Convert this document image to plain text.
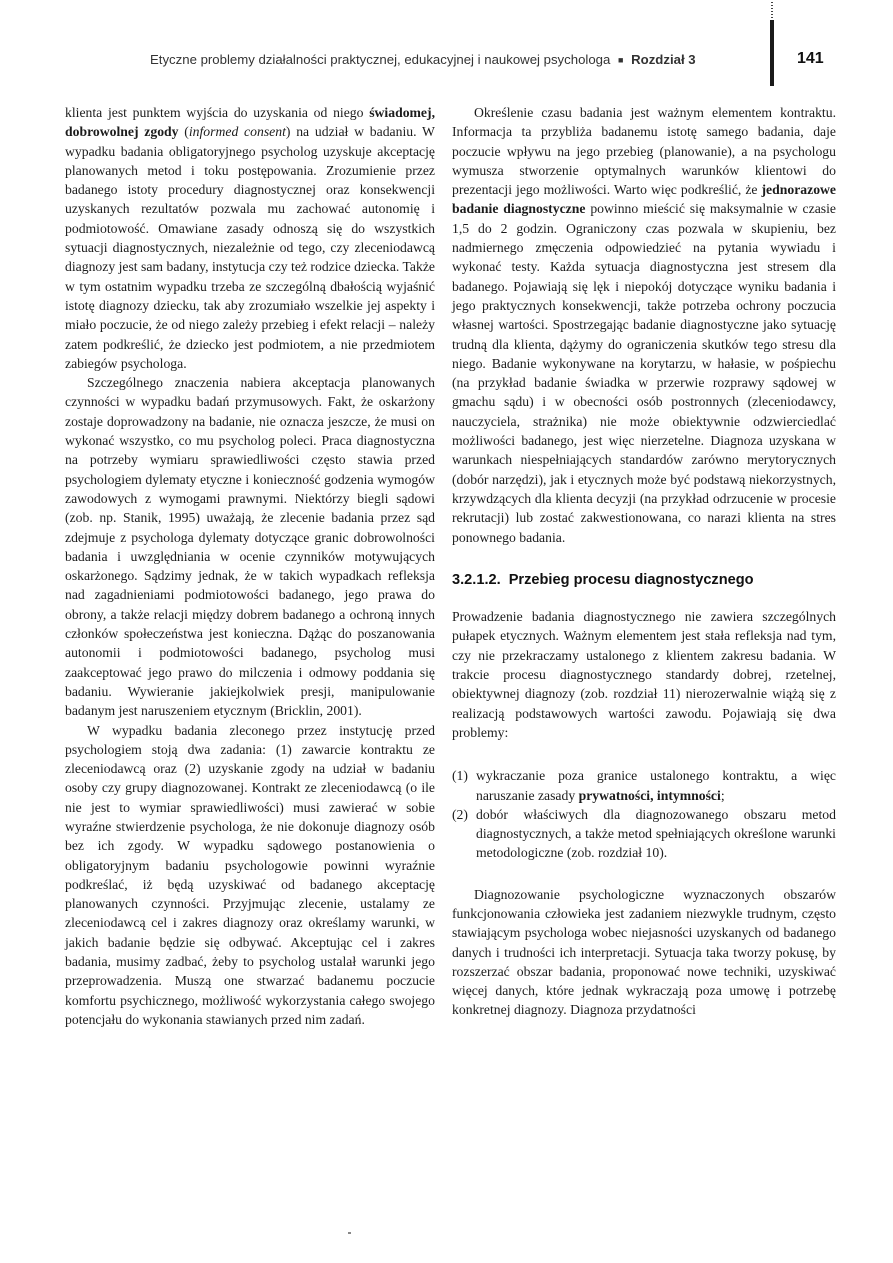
Etyczne problemy działalności praktycznej, edukacyjnej i naukowej psychologa ■ Rozdział 3	141

klienta jest punktem wyjścia do uzyskania od niego świadomej, dobrowolnej zgody (informed consent) na udział w badaniu. W wypadku badania obligatoryjnego psycholog uzyskuje akceptację planowanych metod i toku postępowania. Zrozumienie przez badanego istoty procedury diagnostycznej oraz konsekwencji uzyskanych rezultatów pozwala mu zachować autonomię i podmiotowość. Omawiane zasady odnoszą się do wszystkich sytuacji diagnostycznych, niezależnie od tego, czy zleceniodawcą diagnozy jest sam badany, instytucja czy też rodzice dziecka. Także w tym ostatnim wypadku trzeba ze szczególną dbałością wyjaśnić istotę diagnozy dziecku, tak aby zrozumiało wszelkie jej aspekty i miało poczucie, że od niego zależy przebieg i efekt relacji – należy zatem podkreślić, że dziecko jest podmiotem, a nie przedmiotem zabiegów psychologa.

Szczególnego znaczenia nabiera akceptacja planowanych czynności w wypadku badań przymusowych. Fakt, że oskarżony zostaje doprowadzony na badanie, nie oznacza jeszcze, że musi on wykonać wszystko, co mu psycholog poleci. Praca diagnostyczna na potrzeby wymiaru sprawiedliwości często stawia przed psychologiem dylematy etyczne i konieczność godzenia wymogów zawodowych z wymogami prawnymi. Niektórzy biegli sądowi (zob. np. Stanik, 1995) uważają, że zlecenie badania przez sąd zdejmuje z psychologa dylematy dotyczące granic dobrowolności badania i uwzględniania w ocenie czynników motywujących oskarżonego. Sądzimy jednak, że w takich wypadkach refleksja nad zagadnieniami podmiotowości badanego, jego prawa do obrony, a także relacji między dobrem badanego a ochroną innych członków społeczeństwa jest konieczna. Dążąc do poszanowania autonomii i podmiotowości badanego, psycholog musi zaakceptować jego prawo do milczenia i odmowy poddania się badaniu. Wywieranie jakiejkolwiek presji, manipulowanie badanym jest naruszeniem etycznym (Bricklin, 2001).

W wypadku badania zleconego przez instytucję przed psychologiem stoją dwa zadania: (1) zawarcie kontraktu ze zleceniodawcą oraz (2) uzyskanie zgody na udział w badaniu osoby czy grupy diagnozowanej. Kontrakt ze zleceniodawcą (o ile nie jest to wymiar sprawiedliwości) musi zawierać w sobie wyraźne stwierdzenie psychologa, że nie dokonuje diagnozy osób bez ich zgody. W wypadku sądowego postanowienia o obligatoryjnym badaniu psychologowie powinni wyraźnie podkreślać, iż będą uzyskiwać od badanego akceptację planowanych czynności. Przyjmując zlecenie, ustalamy ze zleceniodawcą cel i zakres diagnozy oraz określamy warunki, w jakich badanie będzie się odbywać. Akceptując cel i zakres badania, musimy zadbać, żeby to psycholog ustalał warunki jego przeprowadzenia. Muszą one stwarzać badanemu poczucie komfortu psychicznego, możliwość wykorzystania całego swojego potencjału do wykonania stawianych przed nim zadań.

Określenie czasu badania jest ważnym elementem kontraktu. Informacja ta przybliża badanemu istotę samego badania, daje poczucie wpływu na jego przebieg (planowanie), a na psychologu wymusza stworzenie optymalnych warunków klientowi do prezentacji jego możliwości. Warto więc podkreślić, że jednorazowe badanie diagnostyczne powinno mieścić się maksymalnie w czasie 1,5 do 2 godzin. Ograniczony czas pozwala w skupieniu, bez nadmiernego zmęczenia odpowiedzieć na pytania wywiadu i wykonać testy. Każda sytuacja diagnostyczna jest stresem dla badanego. Pojawiają się lęk i niepokój dotyczące wyniku badania i jego praktycznych konsekwencji, także potrzeba ochrony poczucia własnej wartości. Spostrzegając badanie diagnostyczne jako sytuację trudną dla klienta, dążymy do ograniczenia skutków tego stresu dla niego. Badanie wykonywane na korytarzu, w hałasie, w pośpiechu (na przykład badanie świadka w przerwie rozprawy sądowej w gmachu sądu) i w obecności osób postronnych (zleceniodawcy, nauczyciela, strażnika) nie może obiektywnie odzwierciedlać możliwości badanego, jest więc nierzetelne. Diagnoza uzyskana w warunkach niespełniających standardów zarówno merytorycznych (dobór narzędzi), jak i etycznych może być podstawą niekorzystnych, krzywdzących dla klienta decyzji (na przykład odrzucenie w procesie rekrutacji) lub zostać zakwestionowana, co narazi klienta na stres ponownego badania.

3.2.1.2. Przebieg procesu diagnostycznego

Prowadzenie badania diagnostycznego nie zawiera szczególnych pułapek etycznych. Ważnym elementem jest stała refleksja nad tym, czy nie przekraczamy ustalonego z klientem zakresu badania. W trakcie procesu diagnostycznego standardy dobrej, rzetelnej, obiektywnej diagnozy (zob. rozdział 11) nierozerwalnie wiążą się z realizacją podstawowych wartości zawodu. Pojawiają się dwa problemy:

(1) wykraczanie poza granice ustalonego kontraktu, a więc naruszanie zasady prywatności, intymności;
(2) dobór właściwych dla diagnozowanego obszaru metod diagnostycznych, a także metod spełniających określone warunki metodologiczne (zob. rozdział 10).

Diagnozowanie psychologiczne wyznaczonych obszarów funkcjonowania człowieka jest zadaniem niezwykle trudnym, często stawiającym psychologa wobec niejasności uzyskanych od badanego danych i trudności ich interpretacji. Sytuacja taka tworzy pokusę, by rozszerzać obszar badania, proponować nowe techniki, uzyskiwać więcej danych, które jednak wykraczają poza umowę i potrzebę konkretnej diagnozy. Diagnoza przydatności
